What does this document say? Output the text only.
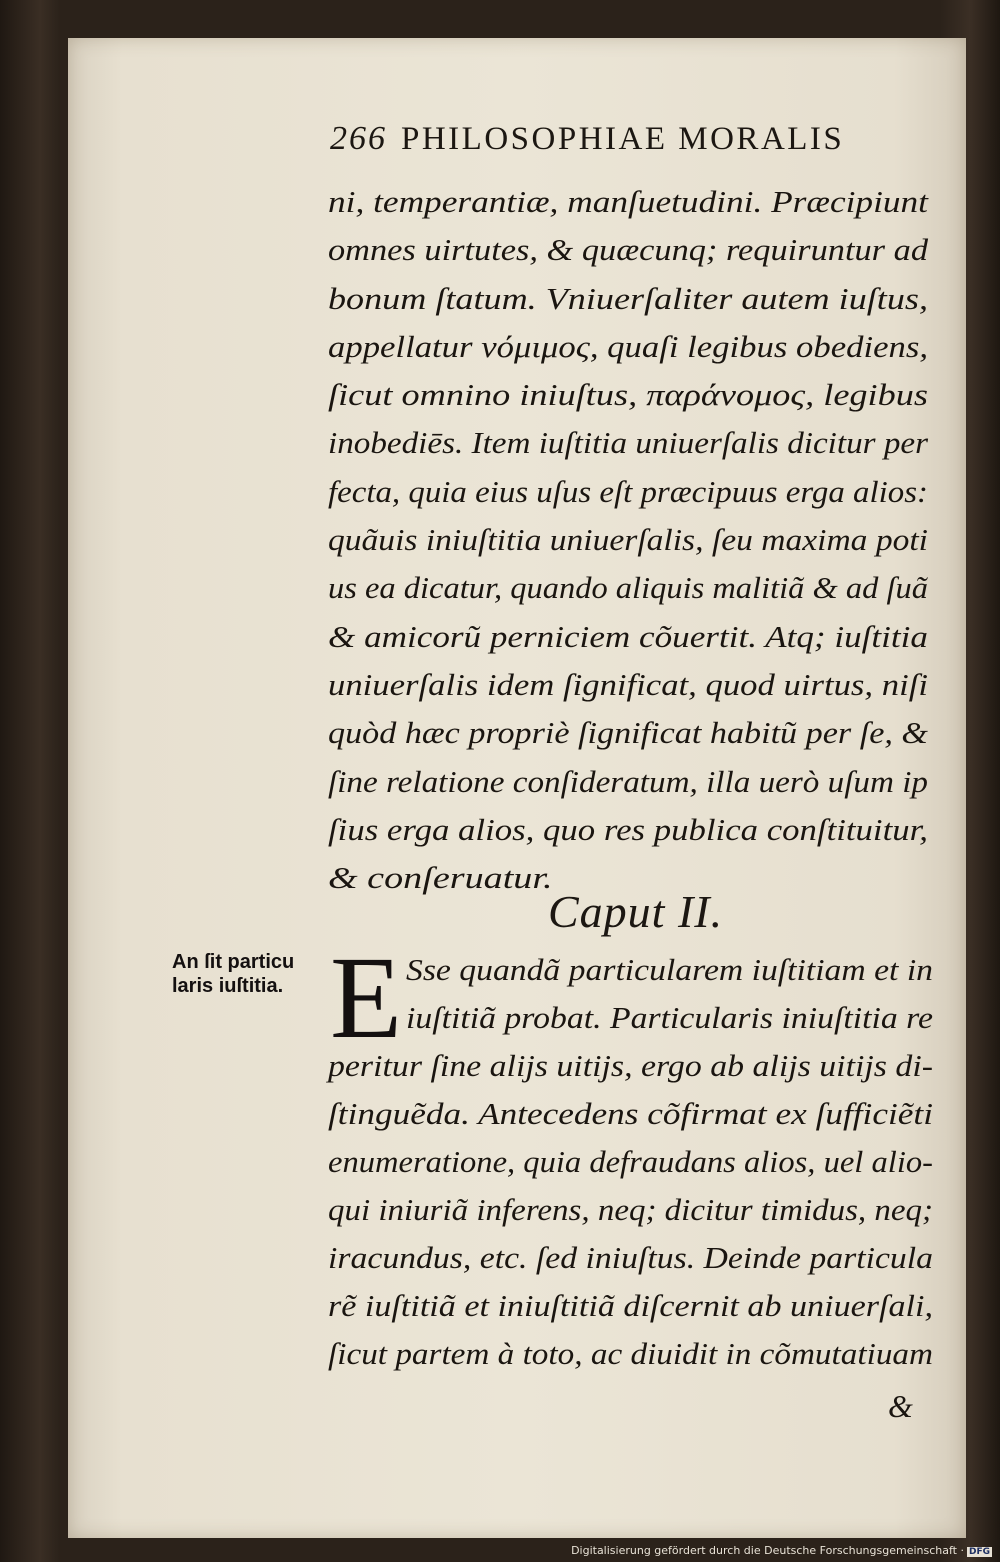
266 PHILOSOPHIAE MORALIS
ni, temperantiæ, manſuetudini. Præcipiunt
omnes uirtutes, & quæcunq; requiruntur ad
bonum ſtatum. Vniuerſaliter autem iuſtus,
appellatur νόμιμος, quaſi legibus obediens,
ſicut omnino iniuſtus, παράνομος, legibus
inobediēs. Item iuſtitia uniuerſalis dicitur per
fecta, quia eius uſus eſt præcipuus erga alios:
quãuis iniuſtitia uniuerſalis, ſeu maxima poti
us ea dicatur, quando aliquis malitiã & ad ſuã
& amicorũ perniciem cõuertit. Atq; iuſtitia
uniuerſalis idem ſignificat, quod uirtus, niſi
quòd hæc propriè ſignificat habitũ per ſe, &
ſine relatione conſideratum, illa uerò uſum ip
ſius erga alios, quo res publica conſtituitur,
& conſeruatur.
Caput II.
An ſit particu
laris iuſtitia. E Sse quandã particularem iuſtitiam et in
iuſtitiã probat. Particularis iniuſtitia re
peritur ſine alijs uitijs, ergo ab alijs uitijs di-
ſtinguẽda. Antecedens cõfirmat ex ſufficiẽti
enumeratione, quia defraudans alios, uel alio-
qui iniuriã inferens, neq; dicitur timidus, neq;
iracundus, etc. ſed iniuſtus. Deinde particula
rẽ iuſtitiã et iniuſtitiã diſcernit ab uniuerſali,
ſicut partem à toto, ac diuidit in cõmutatiuam
&
Digitalisierung gefördert durch die Deutsche Forschungsgemeinschaft · DFG
